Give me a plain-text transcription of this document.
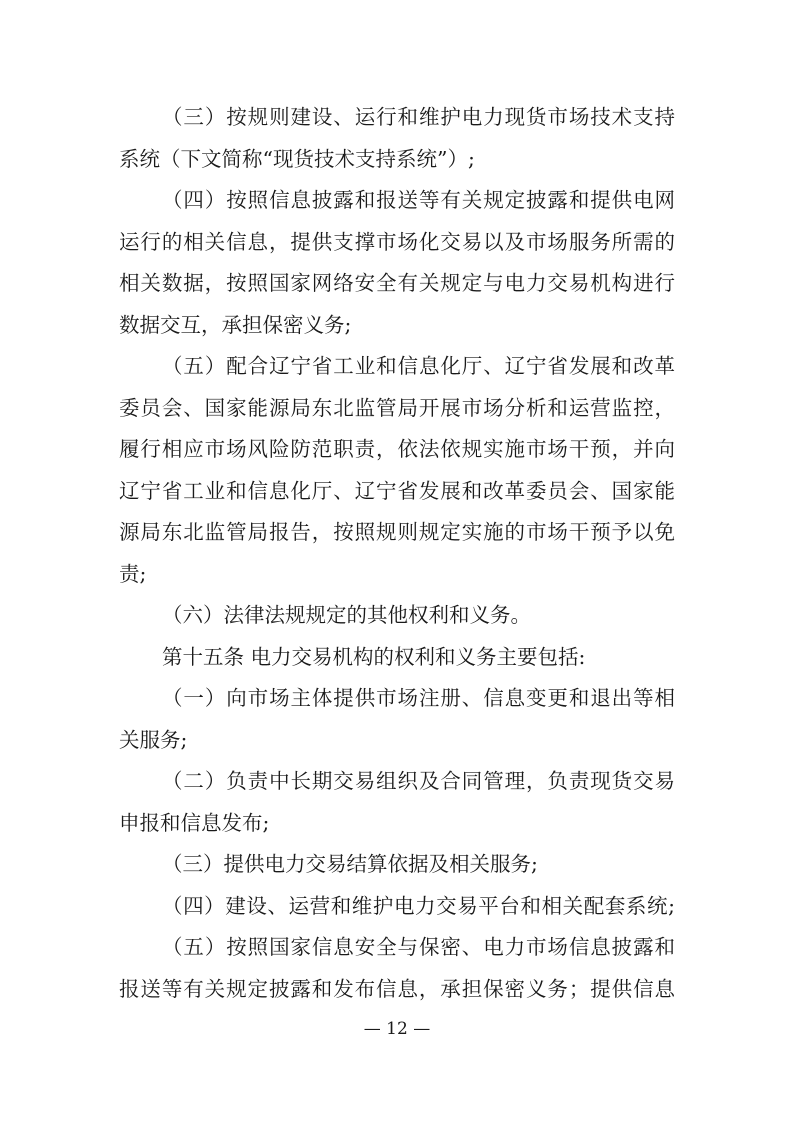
（三）按规则建设、运行和维护电力现货市场技术支持
系统（下文简称“现货技术支持系统”）;
（四）按照信息披露和报送等有关规定披露和提供电网
运行的相关信息，提供支撑市场化交易以及市场服务所需的
相关数据，按照国家网络安全有关规定与电力交易机构进行
数据交互，承担保密义务;
（五）配合辽宁省工业和信息化厅、辽宁省发展和改革
委员会、国家能源局东北监管局开展市场分析和运营监控，
履行相应市场风险防范职责，依法依规实施市场干预，并向
辽宁省工业和信息化厅、辽宁省发展和改革委员会、国家能
源局东北监管局报告，按照规则规定实施的市场干预予以免
责;
（六）法律法规规定的其他权利和义务。
第十五条 电力交易机构的权利和义务主要包括:
（一）向市场主体提供市场注册、信息变更和退出等相
关服务;
（二）负责中长期交易组织及合同管理，负责现货交易
申报和信息发布;
（三）提供电力交易结算依据及相关服务;
（四）建设、运营和维护电力交易平台和相关配套系统;
（五）按照国家信息安全与保密、电力市场信息披露和
报送等有关规定披露和发布信息，承担保密义务；提供信息
— 12 —
